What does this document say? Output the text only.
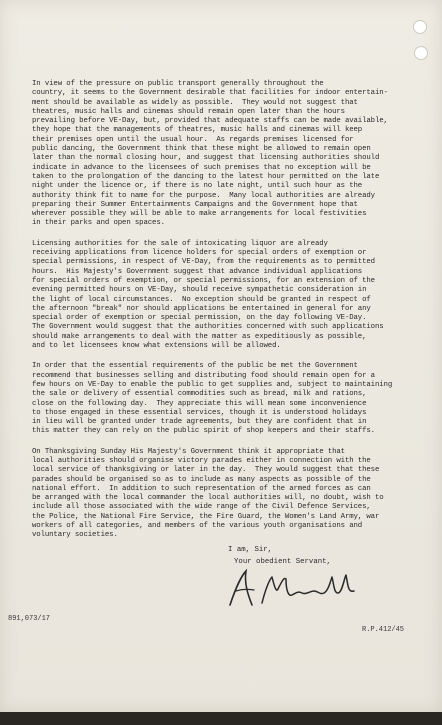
In view of the pressure on public transport generally throughout the
country, it seems to the Government desirable that facilities for indoor entertain-
ment should be available as widely as possible.  They would not suggest that
theatres, music halls and cinemas should remain open later than the hours
prevailing before VE-Day, but, provided that adequate staffs can be made available,
they hope that the managements of theatres, music halls and cinemas will keep
their premises open until the usual hour.  As regards premises licensed for
public dancing, the Government think that these might be allowed to remain open
later than the normal closing hour, and suggest that licensing authorities should
indicate in advance to the licensees of such premises that no exception will be
taken to the prolongation of the dancing to the latest hour permitted on the late
night under the licence or, if there is no late night, until such hour as the
authority think fit to name for the purpose.  Many local authorities are already
preparing their Summer Entertainments Campaigns and the Government hope that
wherever possible they will be able to make arrangements for local festivities
in their parks and open spaces.

Licensing authorities for the sale of intoxicating liquor are already
receiving applications from licence holders for special orders of exemption or
special permissions, in respect of VE-Day, from the requirements as to permitted
hours.  His Majesty's Government suggest that advance individual applications
for special orders of exemption, or special permissions, for an extension of the
evening permitted hours on VE-Day, should receive sympathetic consideration in
the light of local circumstances.  No exception should be granted in respect of
the afternoon "break" nor should applications be entertained in general for any
special order of exemption or special permission, on the day following VE-Day.
The Government would suggest that the authorities concerned with such applications
should make arrangements to deal with the matter as expeditiously as possible,
and to let licensees know what extensions will be allowed.

In order that the essential requirements of the public be met the Government
recommend that businesses selling and distributing food should remain open for a
few hours on VE-Day to enable the public to get supplies and, subject to maintaining
the sale or delivery of essential commodities such as bread, milk and rations,
close on the following day.  They appreciate this will mean some inconvenience
to those engaged in these essential services, though it is understood holidays
in lieu will be granted under trade agreements, but they are confident that in
this matter they can rely on the public spirit of shop keepers and their staffs.

On Thanksgiving Sunday His Majesty's Government think it appropriate that
local authorities should organise victory parades either in connection with the
local service of thanksgiving or later in the day.  They would suggest that these
parades should be organised so as to include as many aspects as possible of the
national effort.  In addition to such representation of the armed forces as can
be arranged with the local commander the local authorities will, no doubt, wish to
include all those associated with the wide range of the Civil Defence Services,
the Police, the National Fire Service, the Fire Guard, the Women's Land Army, war
workers of all categories, and members of the various youth organisations and
voluntary societies.

I am, Sir,
Your obedient Servant,
891,073/17
R.P.412/45
